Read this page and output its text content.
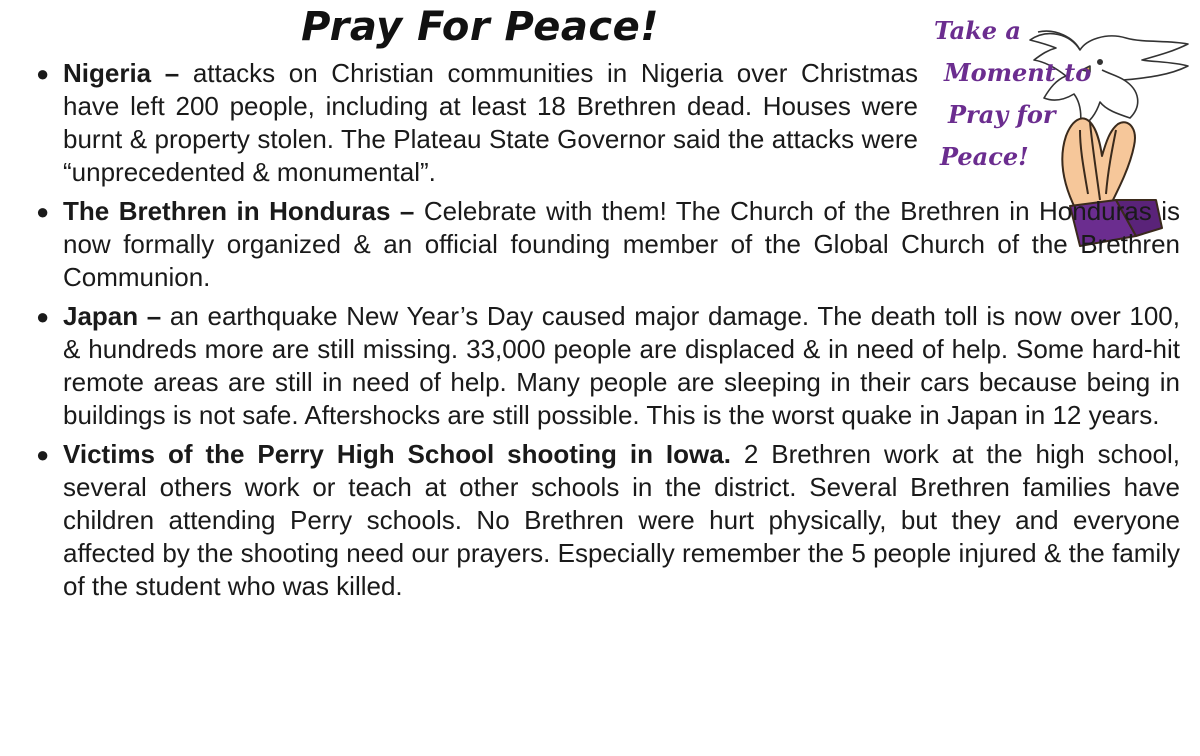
Pray For Peace!	Take a
Moment to
Pray for
Peace!
● Nigeria – attacks on Christian communities in Nigeria over Christmas have left 200 people, including at least 18 Brethren dead. Houses were burnt & property stolen. The Plateau State Governor said the attacks were “unprecedented & monumental”.
● The Brethren in Honduras – Celebrate with them! The Church of the Brethren in Honduras is now formally organized & an official founding member of the Global Church of the Brethren Communion.
● Japan – an earthquake New Year’s Day caused major damage. The death toll is now over 100, & hundreds more are still missing. 33,000 people are displaced & in need of help. Some hard-hit remote areas are still in need of help. Many people are sleeping in their cars because being in buildings is not safe. Aftershocks are still possible. This is the worst quake in Japan in 12 years.
● Victims of the Perry High School shooting in Iowa. 2 Brethren work at the high school, several others work or teach at other schools in the district. Several Brethren families have children attending Perry schools. No Brethren were hurt physically, but they and everyone affected by the shooting need our prayers. Especially remember the 5 people injured & the family of the student who was killed.
